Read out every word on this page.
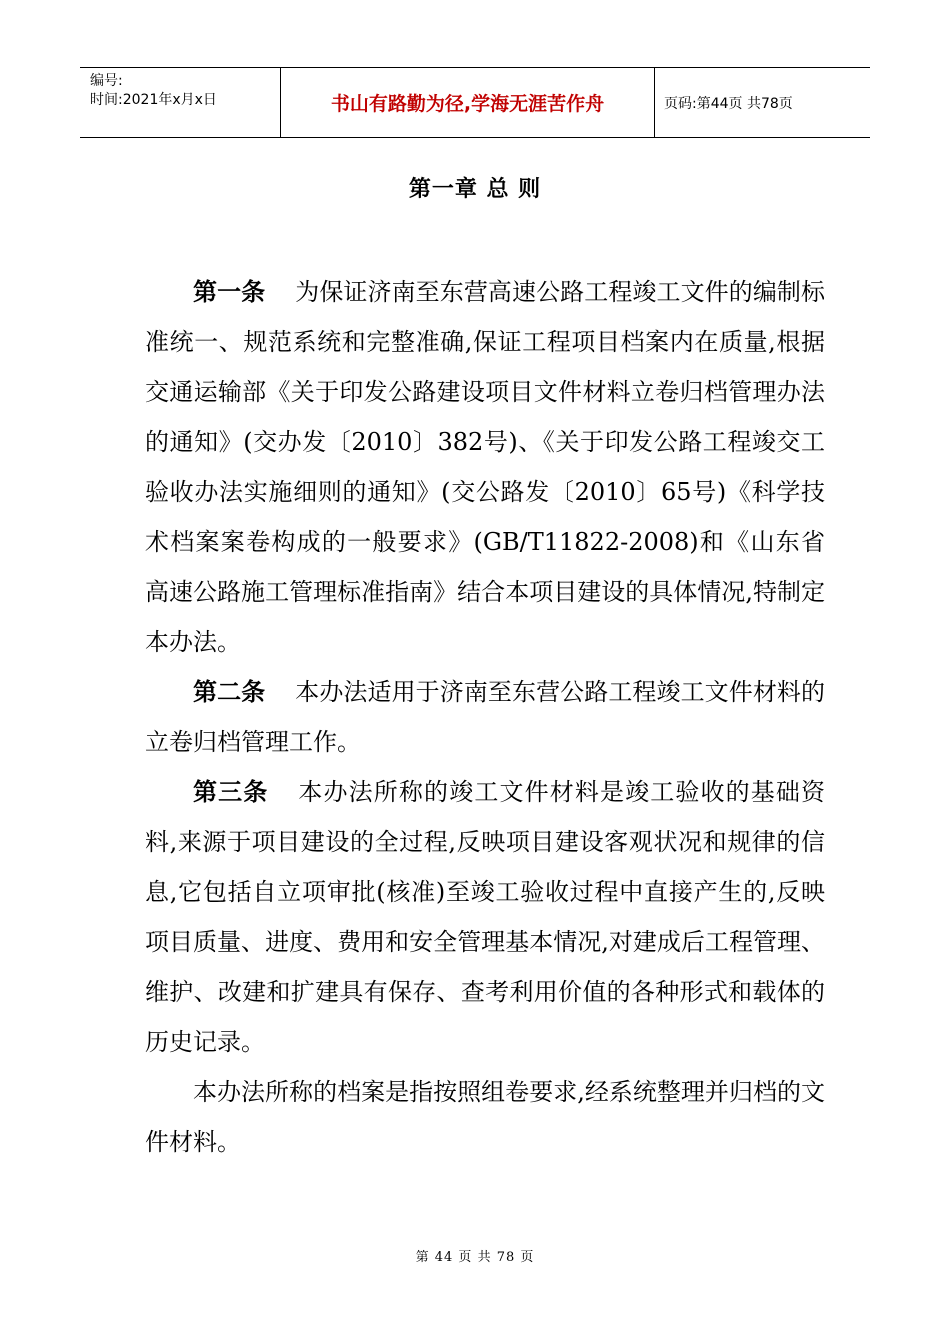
编号:
时间:2021年x月x日	书山有路勤为径,学海无涯苦作舟	页码:第44页 共78页
第一章 总 则

第一条 为保证济南至东营高速公路工程竣工文件的编制标准统一、规范系统和完整准确,保证工程项目档案内在质量,根据交通运输部《关于印发公路建设项目文件材料立卷归档管理办法的通知》(交办发〔2010〕382号)、《关于印发公路工程竣交工验收办法实施细则的通知》(交公路发〔2010〕65号)《科学技术档案案卷构成的一般要求》(GB/T11822-2008)和《山东省高速公路施工管理标准指南》结合本项目建设的具体情况,特制定本办法。

第二条 本办法适用于济南至东营公路工程竣工文件材料的立卷归档管理工作。

第三条 本办法所称的竣工文件材料是竣工验收的基础资料,来源于项目建设的全过程,反映项目建设客观状况和规律的信息,它包括自立项审批(核准)至竣工验收过程中直接产生的,反映项目质量、进度、费用和安全管理基本情况,对建成后工程管理、维护、改建和扩建具有保存、查考利用价值的各种形式和载体的历史记录。

本办法所称的档案是指按照组卷要求,经系统整理并归档的文件材料。

第 44 页 共 78 页
